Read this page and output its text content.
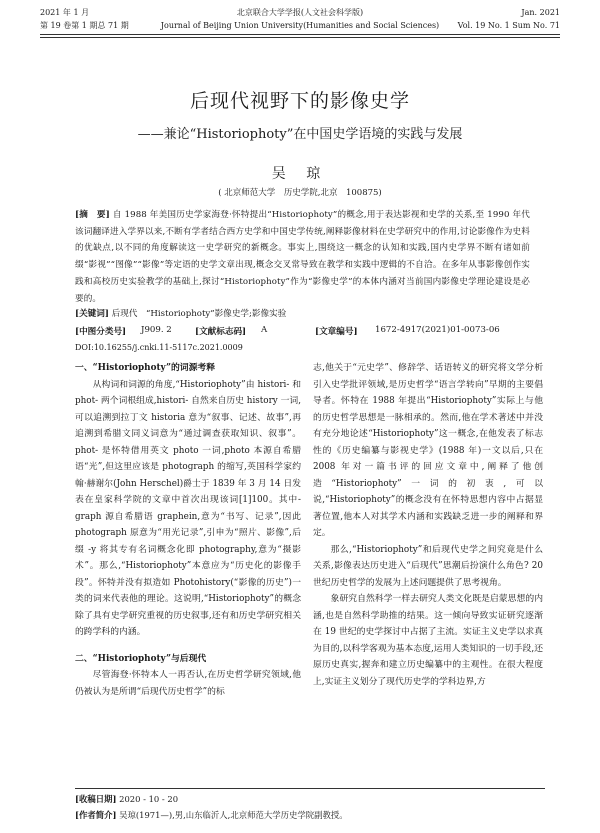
2021 年 1 月
第 19 卷第 1 期总 71 期
北京联合大学学报(人文社会科学版)
Journal of Beijing Union University(Humanities and Social Sciences)
Jan. 2021
Vol. 19 No. 1 Sum No. 71
后现代视野下的影像史学
——兼论“Historiophoty”在中国史学语境的实践与发展
吴 琼
( 北京师范大学　历史学院,北京　100875)
[摘　要] 自 1988 年美国历史学家海登·怀特提出“Historiophoty”的概念,用于表达影视和史学的关系,至 1990 年代该词翻译进入学界以来,不断有学者结合西方史学和中国史学传统,阐释影像材料在史学研究中的作用,讨论影像作为史料的优缺点,以不同的角度解读这一史学研究的新概念。事实上,围绕这一概念的认知和实践,国内史学界不断有诸如前缀“影视”“图像”“影像”等定语的史学文章出现,概念交叉常导致在教学和实践中逻辑的不自洽。在多年从事影像创作实践和高校历史实验教学的基础上,探讨“Historiophoty”作为“影像史学”的本体内涵对当前国内影像史学理论建设是必要的。
[关键词] 后现代　“Historiophoty”影像史学;影像实验
[中图分类号] J909. 2	[文献标志码] A	[文章编号] 1672-4917(2021)01-0073-06
DOI:10.16255/j.cnki.11-5117c.2021.0009

一、“Historiophoty”的词源考释

从构词和词源的角度,“Historiophoty”由 histori- 和 phot- 两个词根组成,histori- 自然来自历史 history 一词,可以追溯到拉丁文 historia 意为“叙事、记述、故事”,再追溯到希腊文同义词意为“通过调查获取知识、叙事”。phot- 是怀特借用英文 photo 一词,photo 本源自希腊语“光”,但这里应该是 photograph 的缩写,英国科学家约翰·赫谢尔(John Herschel)爵士于 1839 年 3 月 14 日发表在皇家科学院的文章中首次出现该词[1]100。其中-graph 源自希腊语 graphein,意为“书写、记录”,因此 photograph 原意为“用光记录”,引申为“照片、影像”,后缀 -y 将其专有名词概念化即 photography,意为“摄影术”。那么,“Historiophoty”本意应为“历史化的影像手段”。怀特并没有拟造如 Photohistory(“影像的历史”)一类的词来代表他的理论。这说明,“Historiophoty”的概念除了具有史学研究重视的历史叙事,还有和历史学研究相关的跨学科的内涵。

二、“Historiophoty”与后现代

尽管海登·怀特本人一再否认,在历史哲学研究领域,他仍被认为是所谓“后现代历史哲学”的标

志,他关于“元史学”、修辞学、话语转义的研究将文学分析引入史学批评领域,是历史哲学“语言学转向”早期的主要倡导者。怀特在 1988 年提出“Historiophoty”实际上与他的历史哲学思想是一脉相承的。然而,他在学术著述中并没有充分地论述“Historiophoty”这一概念,在他发表了标志性的《历史编纂与影视史学》(1988 年)一文以后,只在 2008 年对一篇书评的回应文章中,阐释了他创造“Historiophoty”一词的初衷,可以说,“Historiophoty”的概念没有在怀特思想内容中占据显著位置,他本人对其学术内涵和实践缺乏进一步的阐释和界定。

那么,“Historiophoty”和后现代史学之间究竟是什么关系,影像表达历史进入“后现代”思潮后扮演什么角色? 20 世纪历史哲学的发展为上述问题提供了思考视角。

象研究自然科学一样去研究人类文化既是启蒙思想的内涵,也是自然科学助推的结果。这一倾向导致实证研究逐渐在 19 世纪的史学探讨中占据了主流。实证主义史学以求真为目的,以科学客观为基本态度,运用人类知识的一切手段,还原历史真实,握奔和建立历史编纂中的主观性。在很大程度上,实证主义划分了现代历史学的学科边界,方

[收稿日期] 2020 - 10 - 20
[作者简介] 吴琼(1971—),男,山东临沂人,北京师范大学历史学院副教授。
